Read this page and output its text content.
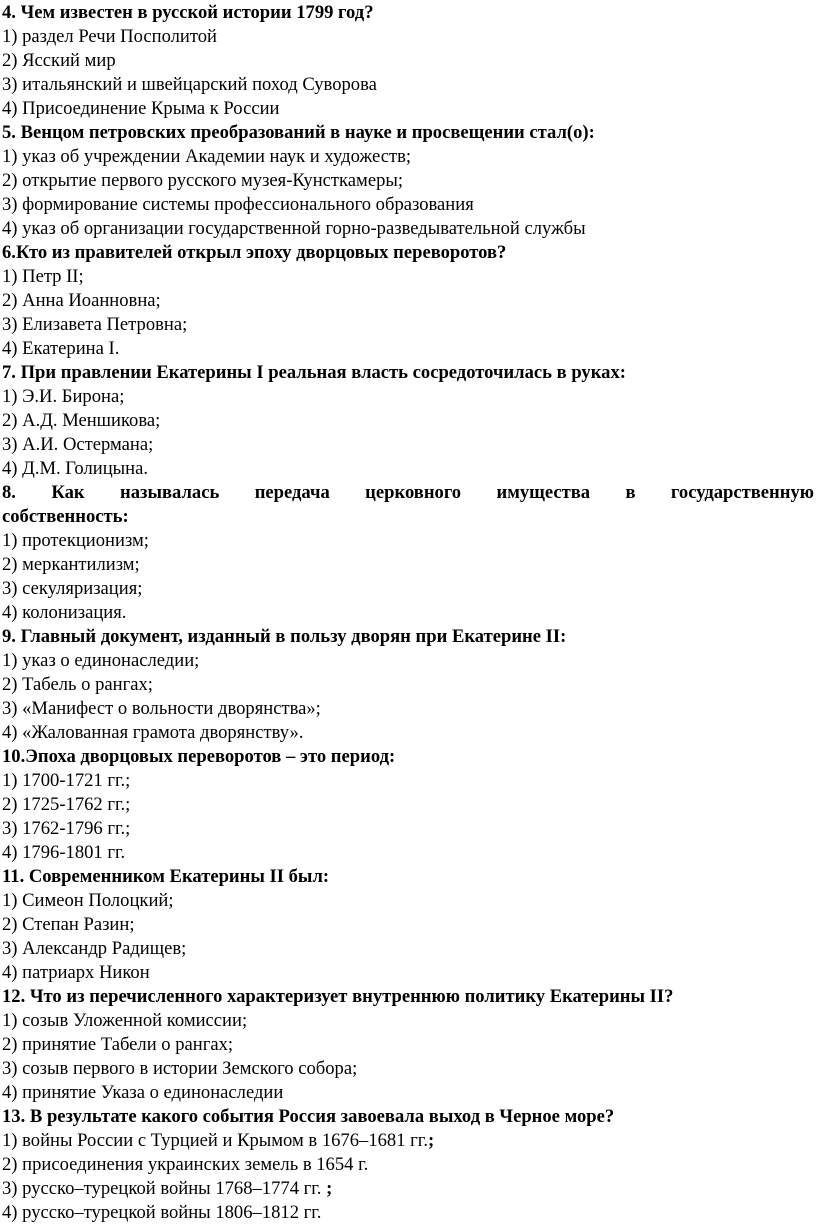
4. Чем известен в русской истории 1799 год?
1) раздел Речи Посполитой
2) Ясский мир
3) итальянский и швейцарский поход Суворова
4) Присоединение Крыма к России
5. Венцом петровских преобразований в науке и просвещении стал(о):
1) указ об учреждении Академии наук и художеств;
2) открытие первого русского музея-Кунсткамеры;
3) формирование системы профессионального образования
4) указ об организации государственной горно-разведывательной службы
6.Кто из правителей открыл эпоху дворцовых переворотов?
1) Петр II;
2) Анна Иоанновна;
3) Елизавета Петровна;
4) Екатерина I.
7. При правлении Екатерины I реальная власть сосредоточилась в руках:
1) Э.И. Бирона;
2) А.Д. Меншикова;
3) А.И. Остермана;
4) Д.М. Голицына.
8. Как называлась передача церковного имущества в государственную
собственность:
1) протекционизм;
2) меркантилизм;
3) секуляризация;
4) колонизация.
9. Главный документ, изданный в пользу дворян при Екатерине II:
1) указ о единонаследии;
2) Табель о рангах;
3) «Манифест о вольности дворянства»;
4) «Жалованная грамота дворянству».
10.Эпоха дворцовых переворотов – это период:
1) 1700-1721 гг.;
2) 1725-1762 гг.;
3) 1762-1796 гг.;
4) 1796-1801 гг.
11. Современником Екатерины II был:
1) Симеон Полоцкий;
2) Степан Разин;
3) Александр Радищев;
4) патриарх Никон
12. Что из перечисленного характеризует внутреннюю политику Екатерины II?
1) созыв Уложенной комиссии;
2) принятие Табели о рангах;
3) созыв первого в истории Земского собора;
4) принятие Указа о единонаследии
13. В результате какого события Россия завоевала выход в Черное море?
1) войны России с Турцией и Крымом в 1676–1681 гг.;
2) присоединения украинских земель в 1654 г.
3) русско–турецкой войны 1768–1774 гг. ;
4) русско–турецкой войны 1806–1812 гг.
